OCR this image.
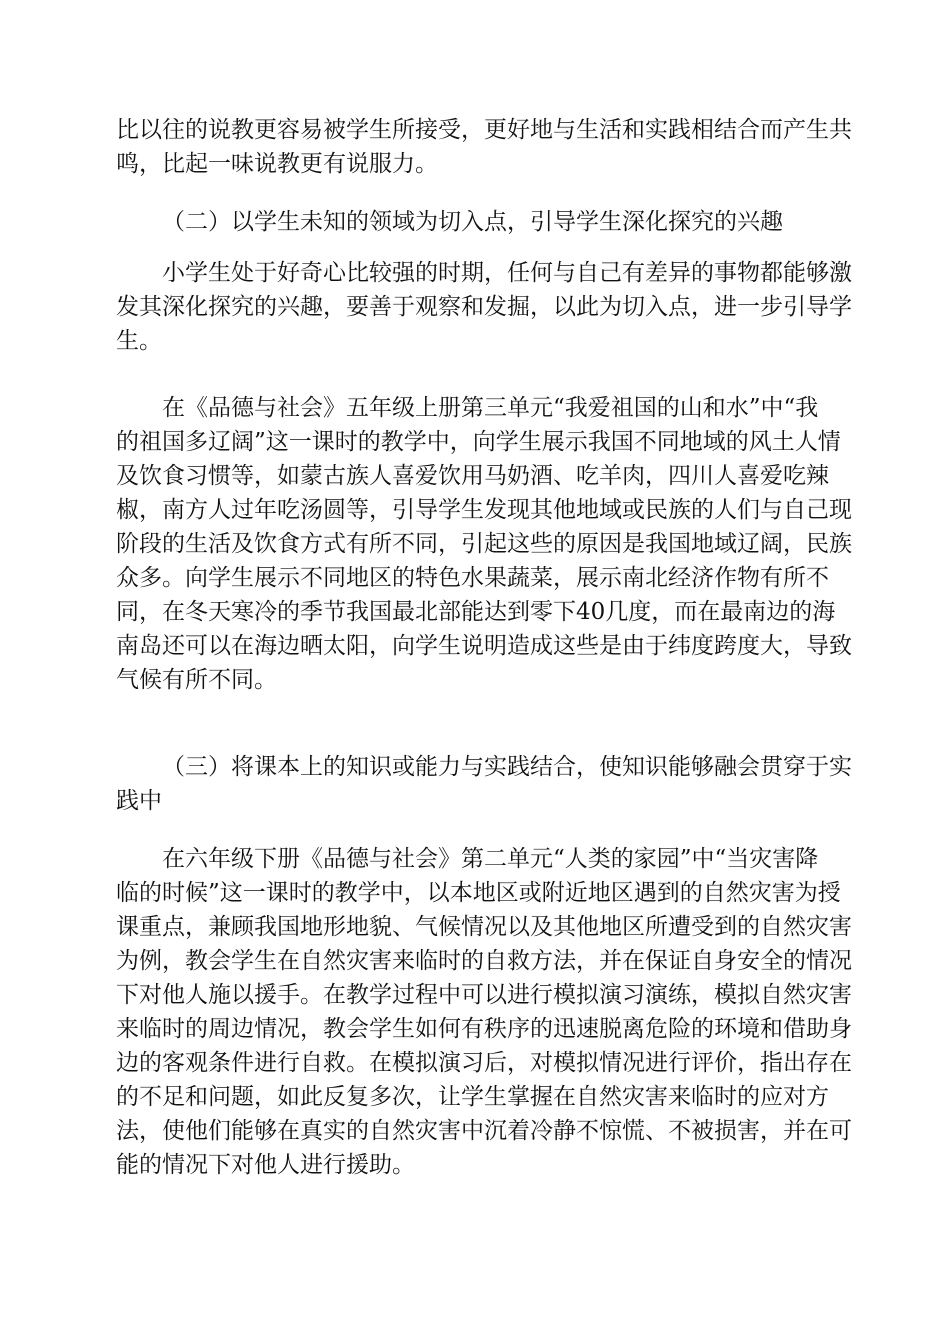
比以往的说教更容易被学生所接受，更好地与生活和实践相结合而产生共
鸣，比起一味说教更有说服力。
（二）以学生未知的领域为切入点，引导学生深化探究的兴趣
小学生处于好奇心比较强的时期，任何与自己有差异的事物都能够激
发其深化探究的兴趣，要善于观察和发掘，以此为切入点，进一步引导学
生。
在《品德与社会》五年级上册第三单元“我爱祖国的山和水”中“我
的祖国多辽阔”这一课时的教学中，向学生展示我国不同地域的风土人情
及饮食习惯等，如蒙古族人喜爱饮用马奶酒、吃羊肉，四川人喜爱吃辣
椒，南方人过年吃汤圆等，引导学生发现其他地域或民族的人们与自己现
阶段的生活及饮食方式有所不同，引起这些的原因是我国地域辽阔，民族
众多。向学生展示不同地区的特色水果蔬菜，展示南北经济作物有所不
同，在冬天寒冷的季节我国最北部能达到零下40几度，而在最南边的海
南岛还可以在海边晒太阳，向学生说明造成这些是由于纬度跨度大，导致
气候有所不同。
（三）将课本上的知识或能力与实践结合，使知识能够融会贯穿于实
践中
在六年级下册《品德与社会》第二单元“人类的家园”中“当灾害降
临的时候”这一课时的教学中，以本地区或附近地区遇到的自然灾害为授
课重点，兼顾我国地形地貌、气候情况以及其他地区所遭受到的自然灾害
为例，教会学生在自然灾害来临时的自救方法，并在保证自身安全的情况
下对他人施以援手。在教学过程中可以进行模拟演习演练，模拟自然灾害
来临时的周边情况，教会学生如何有秩序的迅速脱离危险的环境和借助身
边的客观条件进行自救。在模拟演习后，对模拟情况进行评价，指出存在
的不足和问题，如此反复多次，让学生掌握在自然灾害来临时的应对方
法，使他们能够在真实的自然灾害中沉着冷静不惊慌、不被损害，并在可
能的情况下对他人进行援助。
